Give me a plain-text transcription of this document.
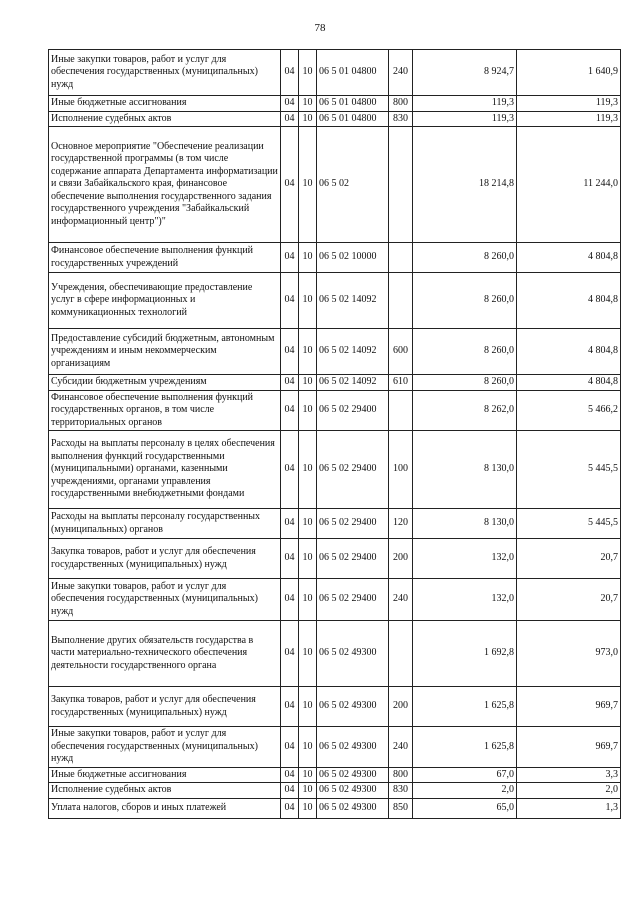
78
Иные закупки товаров, работ и услуг для обеспечения государственных (муниципальных) нужд	04	10	06 5 01 04800	240	8 924,7	1 640,9
Иные бюджетные ассигнования	04	10	06 5 01 04800	800	119,3	119,3
Исполнение судебных актов	04	10	06 5 01 04800	830	119,3	119,3
Основное мероприятие "Обеспечение реализации государственной программы (в том числе содержание аппарата Департамента информатизации и связи Забайкальского края, финансовое обеспечение выполнения государственного задания государственного учреждения "Забайкальский информационный центр")"	04	10	06 5 02		18 214,8	11 244,0
Финансовое обеспечение выполнения функций государственных учреждений	04	10	06 5 02 10000		8 260,0	4 804,8
Учреждения, обеспечивающие предоставление услуг в сфере информационных и коммуникационных технологий	04	10	06 5 02 14092		8 260,0	4 804,8
Предоставление субсидий бюджетным, автономным учреждениям и иным некоммерческим организациям	04	10	06 5 02 14092	600	8 260,0	4 804,8
Субсидии бюджетным учреждениям	04	10	06 5 02 14092	610	8 260,0	4 804,8
Финансовое обеспечение выполнения функций государственных органов, в том числе территориальных органов	04	10	06 5 02 29400		8 262,0	5 466,2
Расходы на выплаты персоналу в целях обеспечения выполнения функций государственными (муниципальными) органами, казенными учреждениями, органами управления государственными внебюджетными фондами	04	10	06 5 02 29400	100	8 130,0	5 445,5
Расходы на выплаты персоналу государственных (муниципальных) органов	04	10	06 5 02 29400	120	8 130,0	5 445,5
Закупка товаров, работ и услуг для обеспечения государственных (муниципальных) нужд	04	10	06 5 02 29400	200	132,0	20,7
Иные закупки товаров, работ и услуг для обеспечения государственных (муниципальных) нужд	04	10	06 5 02 29400	240	132,0	20,7
Выполнение других обязательств государства в части материально-технического обеспечения деятельности государственного органа	04	10	06 5 02 49300		1 692,8	973,0
Закупка товаров, работ и услуг для обеспечения государственных (муниципальных) нужд	04	10	06 5 02 49300	200	1 625,8	969,7
Иные закупки товаров, работ и услуг для обеспечения государственных (муниципальных) нужд	04	10	06 5 02 49300	240	1 625,8	969,7
Иные бюджетные ассигнования	04	10	06 5 02 49300	800	67,0	3,3
Исполнение судебных актов	04	10	06 5 02 49300	830	2,0	2,0
Уплата налогов, сборов и иных платежей	04	10	06 5 02 49300	850	65,0	1,3
